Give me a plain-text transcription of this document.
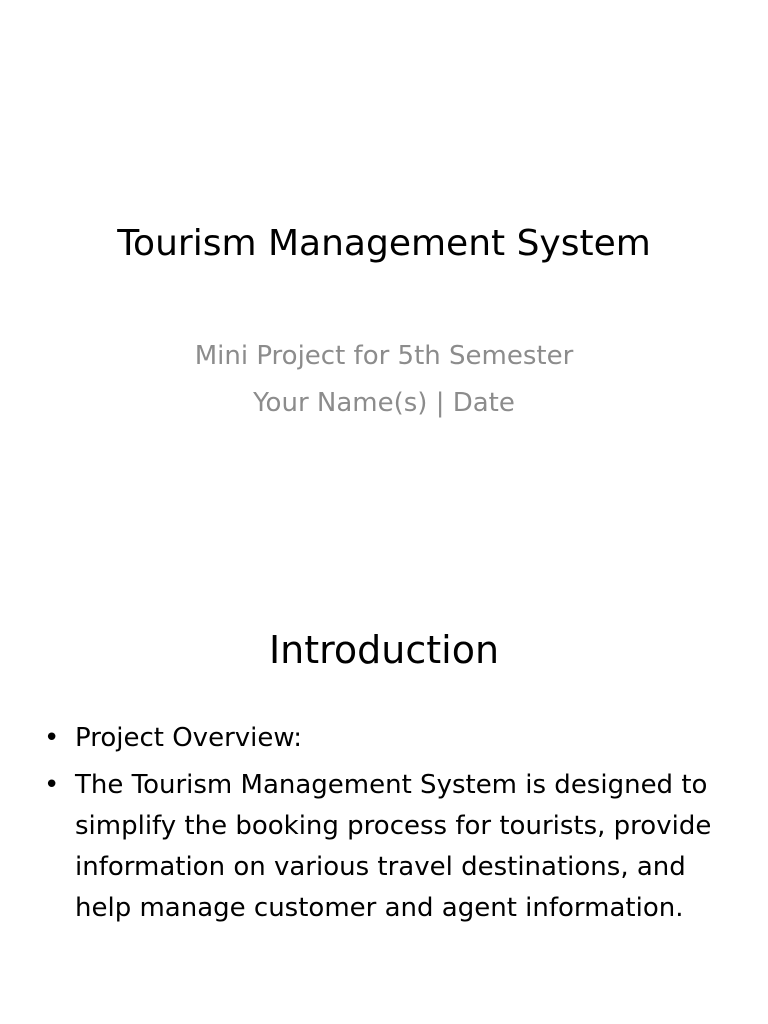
Tourism Management System
Mini Project for 5th Semester
Your Name(s) | Date
Introduction
• Project Overview:
• The Tourism Management System is designed to simplify the booking process for tourists, provide information on various travel destinations, and help manage customer and agent information.
